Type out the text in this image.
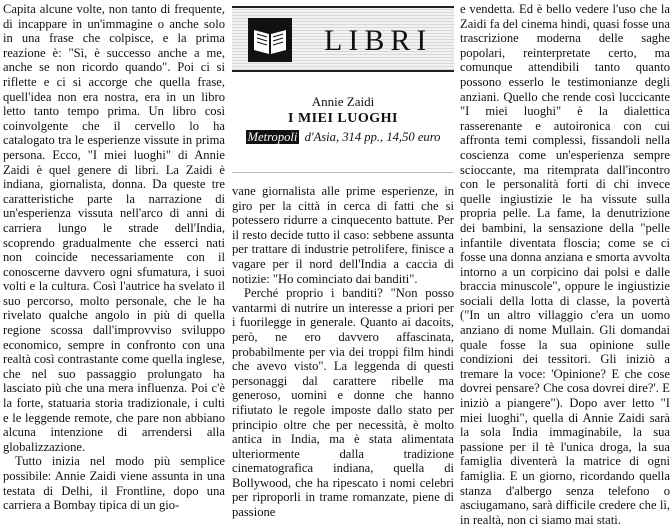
Capita alcune volte, non tanto di frequente, di incappare in un'immagine o anche solo in una frase che colpisce, e la prima reazione è: "Sì, è successo anche a me, anche se non ricordo quando". Poi ci si riflette e ci si accorge che quella frase, quell'idea non era nostra, era in un libro letto tanto tempo prima. Un libro così coinvolgente che il cervello lo ha catalogato tra le esperienze vissute in prima persona. Ecco, "I miei luoghi" di Annie Zaidi è quel genere di libri. La Zaidi è indiana, giornalista, donna. Da queste tre caratteristiche parte la narrazione di un'esperienza vissuta nell'arco di anni di carriera lungo le strade dell'India, scoprendo gradualmente che esserci nati non coincide necessariamente con il conoscerne davvero ogni sfumatura, i suoi volti e la cultura. Così l'autrice ha svelato il suo percorso, molto personale, che le ha rivelato qualche angolo in più di quella regione scossa dall'improvviso sviluppo economico, sempre in confronto con una realtà così contrastante come quella inglese, che nel suo passaggio prolungato ha lasciato più che una mera influenza. Poi c'è la forte, statuaria storia tradizionale, i culti e le leggende remote, che pare non abbiano alcuna intenzione di arrendersi alla globalizzazione.

Tutto inizia nel modo più semplice possibile: Annie Zaidi viene assunta in una testata di Delhi, il Frontline, dopo una carriera a Bombay tipica di un gio-

LIBRI
Annie Zaidi
I MIEI LUOGHI
Metropoli d'Asia, 314 pp., 14,50 euro

vane giornalista alle prime esperienze, in giro per la città in cerca di fatti che si potessero ridurre a cinquecento battute. Per il resto decide tutto il caso: sebbene assunta per trattare di industrie petrolifere, finisce a vagare per il nord dell'India a caccia di notizie: "Ho cominciato dai banditi".

Perché proprio i banditi? "Non posso vantarmi di nutrire un interesse a priori per i fuorilegge in generale. Quanto ai dacoits, però, ne ero davvero affascinata, probabilmente per via dei troppi film hindi che avevo visto". La leggenda di questi personaggi dal carattere ribelle ma generoso, uomini e donne che hanno rifiutato le regole imposte dallo stato per principio oltre che per necessità, è molto antica in India, ma è stata alimentata ulteriormente dalla tradizione cinematografica indiana, quella di Bollywood, che ha ripescato i nomi celebri per riproporli in trame romanzate, piene di passione

e vendetta. Ed è bello vedere l'uso che la Zaidi fa del cinema hindi, quasi fosse una trascrizione moderna delle saghe popolari, reinterpretate certo, ma comunque attendibili tanto quanto possono esserlo le testimonianze degli anziani. Quello che rende così luccicante "I miei luoghi" è la dialettica rasserenante e autoironica con cui affronta temi complessi, fissandoli nella coscienza come un'esperienza sempre scioccante, ma ritemprata dall'incontro con le personalità forti di chi invece quelle ingiustizie le ha vissute sulla propria pelle. La fame, la denutrizione dei bambini, la sensazione della "pelle infantile diventata floscia; come se ci fosse una donna anziana e smorta avvolta intorno a un corpicino dai polsi e dalle braccia minuscole", oppure le ingiustizie sociali della lotta di classe, la povertà ("In un altro villaggio c'era un uomo anziano di nome Mullain. Gli domandai quale fosse la sua opinione sulle condizioni dei tessitori. Gli iniziò a tremare la voce: 'Opinione? E che cose dovrei pensare? Che cosa dovrei dire?'. E iniziò a piangere"). Dopo aver letto "I miei luoghi", quella di Annie Zaidi sarà la sola India immaginabile, la sua passione per il tè l'unica droga, la sua famiglia diventerà la matrice di ogni famiglia. E un giorno, ricordando quella stanza d'albergo senza telefono o asciugamano, sarà difficile credere che lì, in realtà, non ci siamo mai stati.
